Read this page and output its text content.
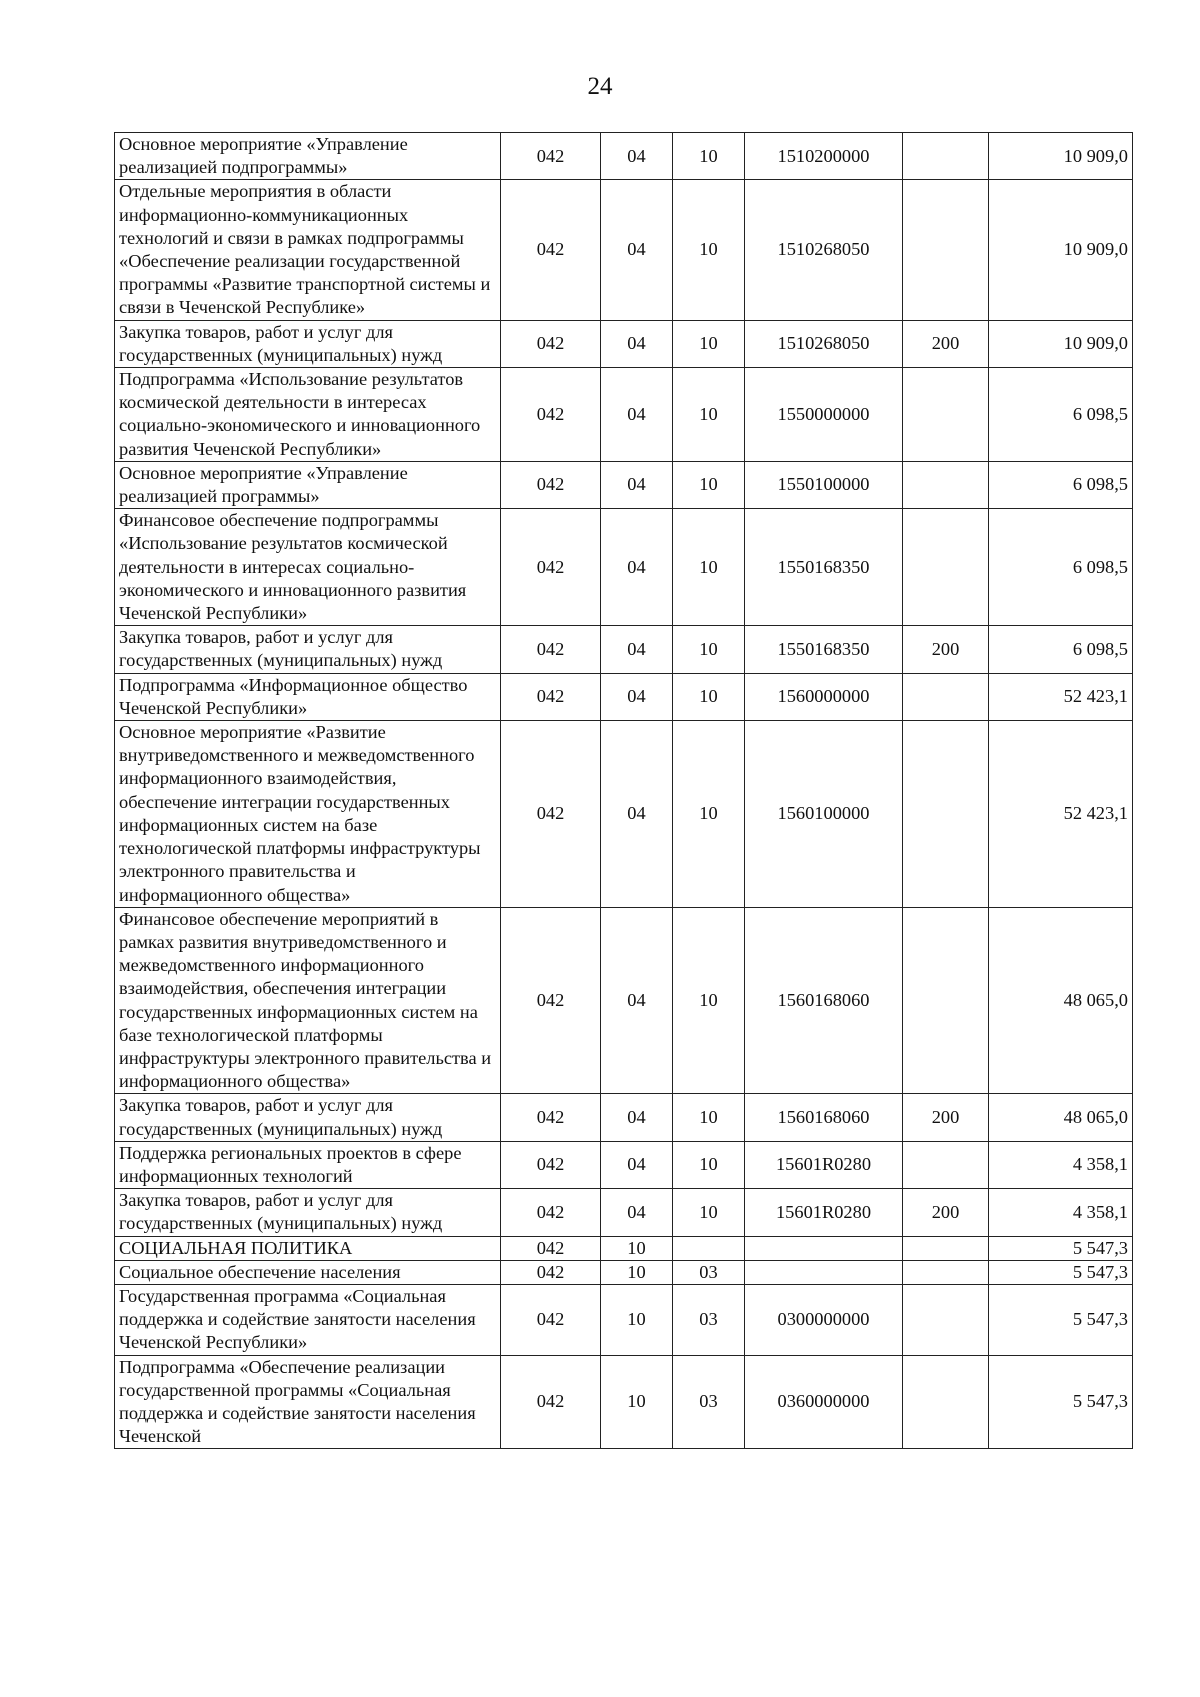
24
Основное мероприятие «Управление реализацией подпрограммы»	042	04	10	1510200000		10 909,0
Отдельные мероприятия в области информационно-коммуникационных технологий и связи в рамках подпрограммы «Обеспечение реализации государственной программы «Развитие транспортной системы и связи в Чеченской Республике»	042	04	10	1510268050		10 909,0
Закупка товаров, работ и услуг для государственных (муниципальных) нужд	042	04	10	1510268050	200	10 909,0
Подпрограмма «Использование результатов космической деятельности в интересах социально-экономического и инновационного развития Чеченской Республики»	042	04	10	1550000000		6 098,5
Основное мероприятие «Управление реализацией программы»	042	04	10	1550100000		6 098,5
Финансовое обеспечение подпрограммы «Использование результатов космической деятельности в интересах социально-экономического и инновационного развития Чеченской Республики»	042	04	10	1550168350		6 098,5
Закупка товаров, работ и услуг для государственных (муниципальных) нужд	042	04	10	1550168350	200	6 098,5
Подпрограмма «Информационное общество Чеченской Республики»	042	04	10	1560000000		52 423,1
Основное мероприятие «Развитие внутриведомственного и межведомственного информационного взаимодействия, обеспечение интеграции государственных информационных систем на базе технологической платформы инфраструктуры электронного правительства и информационного общества»	042	04	10	1560100000		52 423,1
Финансовое обеспечение мероприятий в рамках развития внутриведомственного и межведомственного информационного взаимодействия, обеспечения интеграции государственных информационных систем на базе технологической платформы инфраструктуры электронного правительства и информационного общества»	042	04	10	1560168060		48 065,0
Закупка товаров, работ и услуг для государственных (муниципальных) нужд	042	04	10	1560168060	200	48 065,0
Поддержка региональных проектов в сфере информационных технологий	042	04	10	15601R0280		4 358,1
Закупка товаров, работ и услуг для государственных (муниципальных) нужд	042	04	10	15601R0280	200	4 358,1
СОЦИАЛЬНАЯ ПОЛИТИКА	042	10				5 547,3
Социальное обеспечение населения	042	10	03			5 547,3
Государственная программа «Социальная поддержка и содействие занятости населения Чеченской Республики»	042	10	03	0300000000		5 547,3
Подпрограмма «Обеспечение реализации государственной программы «Социальная поддержка и содействие занятости населения Чеченской	042	10	03	0360000000		5 547,3
